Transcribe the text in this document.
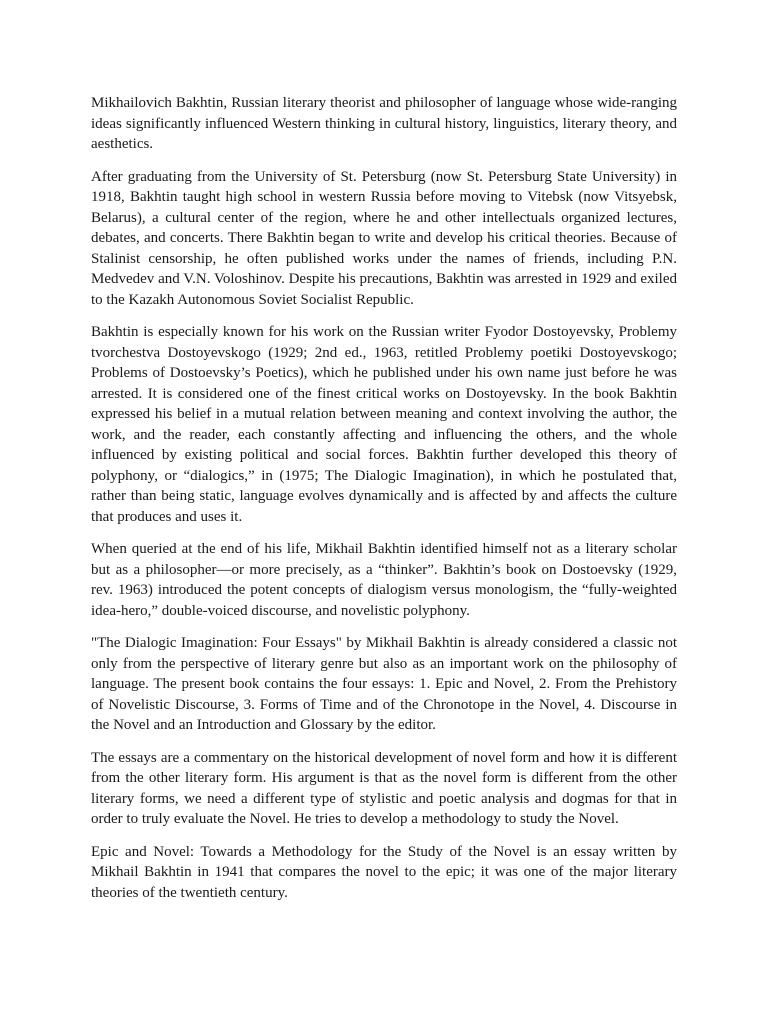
Mikhailovich Bakhtin, Russian literary theorist and philosopher of language whose wide-ranging ideas significantly influenced Western thinking in cultural history, linguistics, literary theory, and aesthetics.

After graduating from the University of St. Petersburg (now St. Petersburg State University) in 1918, Bakhtin taught high school in western Russia before moving to Vitebsk (now Vitsyebsk, Belarus), a cultural center of the region, where he and other intellectuals organized lectures, debates, and concerts. There Bakhtin began to write and develop his critical theories. Because of Stalinist censorship, he often published works under the names of friends, including P.N. Medvedev and V.N. Voloshinov. Despite his precautions, Bakhtin was arrested in 1929 and exiled to the Kazakh Autonomous Soviet Socialist Republic.

Bakhtin is especially known for his work on the Russian writer Fyodor Dostoyevsky, Problemy tvorchestva Dostoyevskogo (1929; 2nd ed., 1963, retitled Problemy poetiki Dostoyevskogo; Problems of Dostoevsky’s Poetics), which he published under his own name just before he was arrested. It is considered one of the finest critical works on Dostoyevsky. In the book Bakhtin expressed his belief in a mutual relation between meaning and context involving the author, the work, and the reader, each constantly affecting and influencing the others, and the whole influenced by existing political and social forces. Bakhtin further developed this theory of polyphony, or “dialogics,” in (1975; The Dialogic Imagination), in which he postulated that, rather than being static, language evolves dynamically and is affected by and affects the culture that produces and uses it.

When queried at the end of his life, Mikhail Bakhtin identified himself not as a literary scholar but as a philosopher—or more precisely, as a “thinker”. Bakhtin’s book on Dostoevsky (1929, rev. 1963) introduced the potent concepts of dialogism versus monologism, the “fully-weighted idea-hero,” double-voiced discourse, and novelistic polyphony.

"The Dialogic Imagination: Four Essays" by Mikhail Bakhtin is already considered a classic not only from the perspective of literary genre but also as an important work on the philosophy of language. The present book contains the four essays: 1. Epic and Novel, 2. From the Prehistory of Novelistic Discourse, 3. Forms of Time and of the Chronotope in the Novel, 4. Discourse in the Novel and an Introduction and Glossary by the editor.

The essays are a commentary on the historical development of novel form and how it is different from the other literary form. His argument is that as the novel form is different from the other literary forms, we need a different type of stylistic and poetic analysis and dogmas for that in order to truly evaluate the Novel. He tries to develop a methodology to study the Novel.

Epic and Novel: Towards a Methodology for the Study of the Novel is an essay written by Mikhail Bakhtin in 1941 that compares the novel to the epic; it was one of the major literary theories of the twentieth century.
